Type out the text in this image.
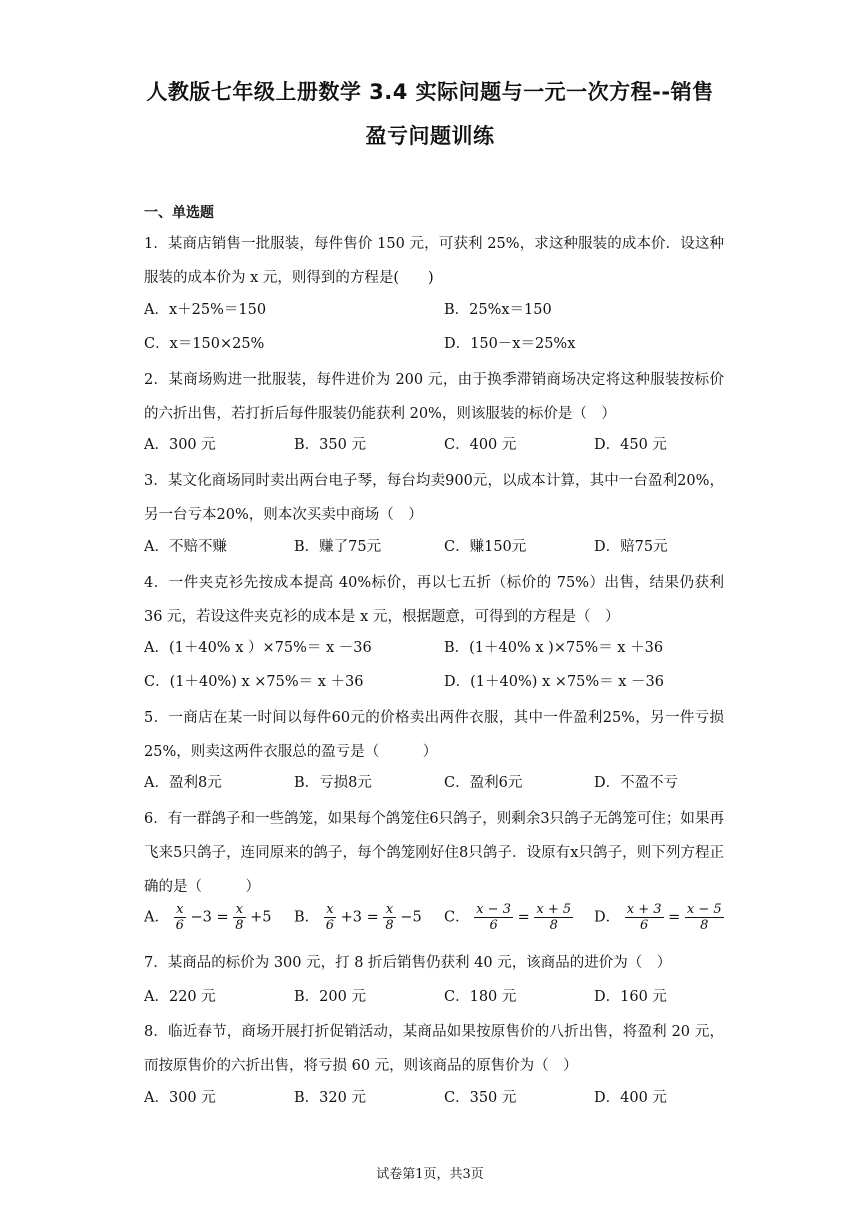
人教版七年级上册数学 3.4 实际问题与一元一次方程--销售
盈亏问题训练
一、单选题
1．某商店销售一批服装，每件售价 150 元，可获利 25%，求这种服装的成本价．设这种服装的成本价为 x 元，则得到的方程是(　　)
A．x＋25%＝150	B．25%x＝150
C．x＝150×25%	D．150－x＝25%x
2．某商场购进一批服装，每件进价为 200 元，由于换季滞销商场决定将这种服装按标价的六折出售，若打折后每件服装仍能获利 20%，则该服装的标价是（　）
A．300 元	B．350 元	C．400 元	D．450 元
3．某文化商场同时卖出两台电子琴，每台均卖900元，以成本计算，其中一台盈利20%，另一台亏本20%，则本次买卖中商场（　）
A．不赔不赚	B．赚了75元	C．赚150元	D．赔75元
4．一件夹克衫先按成本提高 40%标价，再以七五折（标价的 75%）出售，结果仍获利 36 元，若设这件夹克衫的成本是 x 元，根据题意，可得到的方程是（　）
A．(1＋40% x ）×75%＝ x －36	B．(1＋40% x )×75%＝ x ＋36
C．(1＋40%) x ×75%＝ x ＋36	D．(1＋40%) x ×75%＝ x －36
5．一商店在某一时间以每件60元的价格卖出两件衣服，其中一件盈利25%，另一件亏损25%，则卖这两件衣服总的盈亏是（　　　）
A．盈利8元	B．亏损8元	C．盈利6元	D．不盈不亏
6．有一群鸽子和一些鸽笼，如果每个鸽笼住6只鸽子，则剩余3只鸽子无鸽笼可住；如果再飞来5只鸽子，连同原来的鸽子，每个鸽笼刚好住8只鸽子．设原有x只鸽子，则下列方程正确的是（　　　）
A． $\frac{x}{6} -3 = \frac{x}{8} +5$ B． $\frac{x}{6} +3 = \frac{x}{8} -5$ C． $\frac{x - 3}{6} = \frac{x + 5}{8}$ D． $\frac{x + 3}{6} = \frac{x - 5}{8}$
7．某商品的标价为 300 元，打 8 折后销售仍获利 40 元，该商品的进价为（　）
A．220 元	B．200 元	C．180 元	D．160 元
8．临近春节，商场开展打折促销活动，某商品如果按原售价的八折出售，将盈利 20 元，而按原售价的六折出售，将亏损 60 元，则该商品的原售价为（　）
A．300 元	B．320 元	C．350 元	D．400 元
试卷第1页，共3页
